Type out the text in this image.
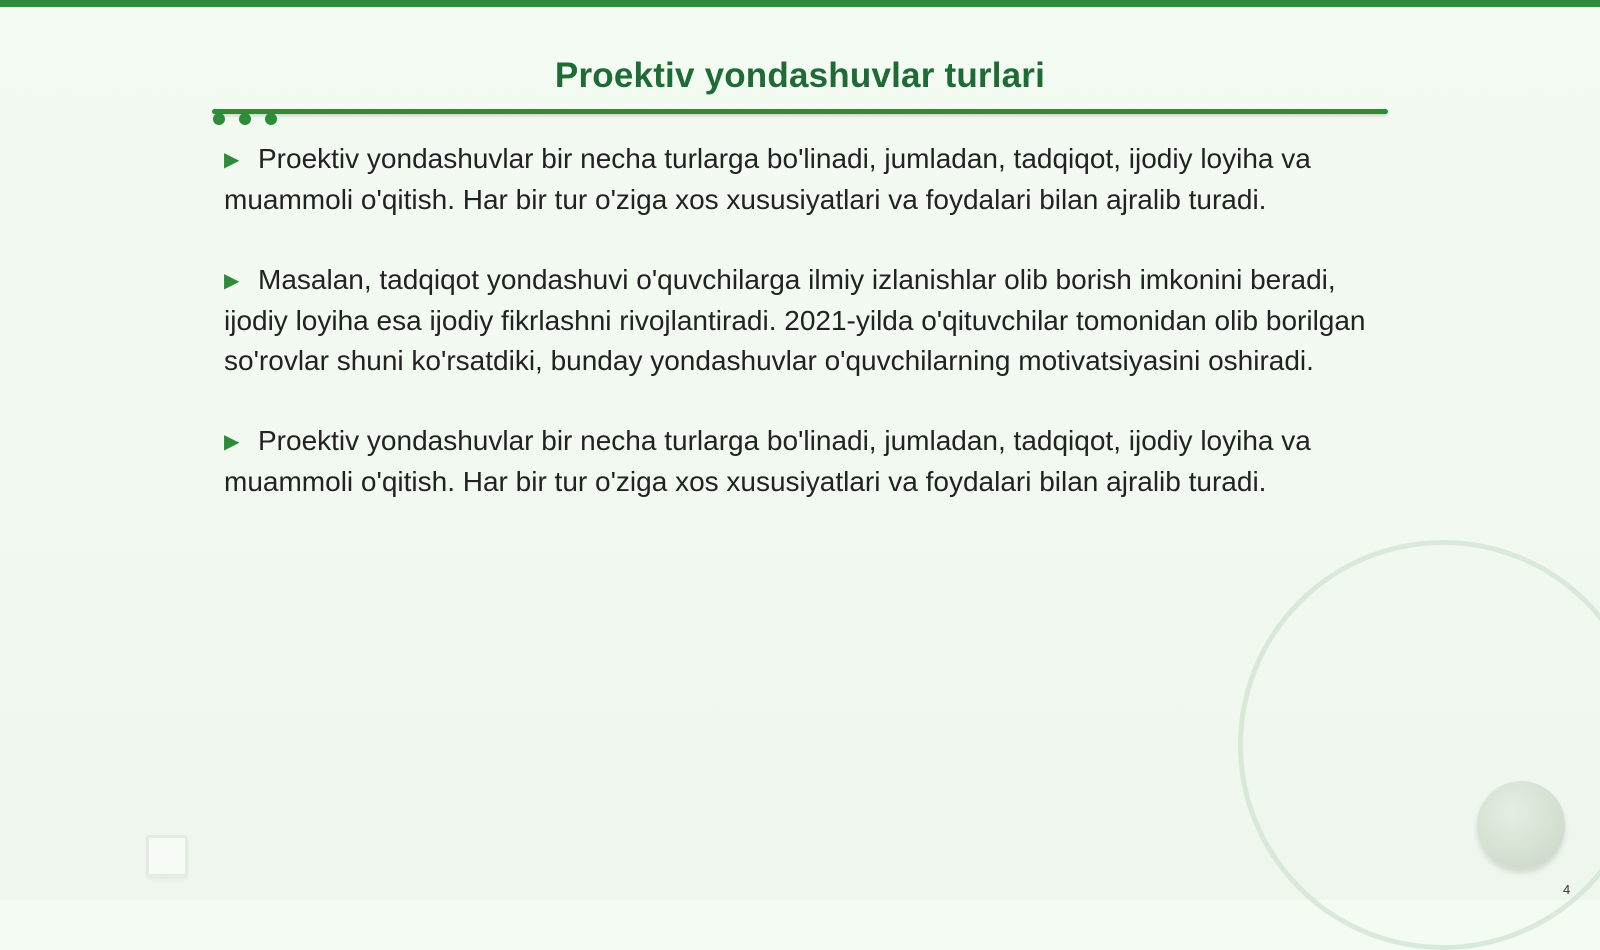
Proektiv yondashuvlar turlari

▶ Proektiv yondashuvlar bir necha turlarga bo'linadi, jumladan, tadqiqot, ijodiy loyiha va muammoli o'qitish. Har bir tur o'ziga xos xususiyatlari va foydalari bilan ajralib turadi.

▶ Masalan, tadqiqot yondashuvi o'quvchilarga ilmiy izlanishlar olib borish imkonini beradi, ijodiy loyiha esa ijodiy fikrlashni rivojlantiradi. 2021-yilda o'qituvchilar tomonidan olib borilgan so'rovlar shuni ko'rsatdiki, bunday yondashuvlar o'quvchilarning motivatsiyasini oshiradi.

▶ Proektiv yondashuvlar bir necha turlarga bo'linadi, jumladan, tadqiqot, ijodiy loyiha va muammoli o'qitish. Har bir tur o'ziga xos xususiyatlari va foydalari bilan ajralib turadi.

4
